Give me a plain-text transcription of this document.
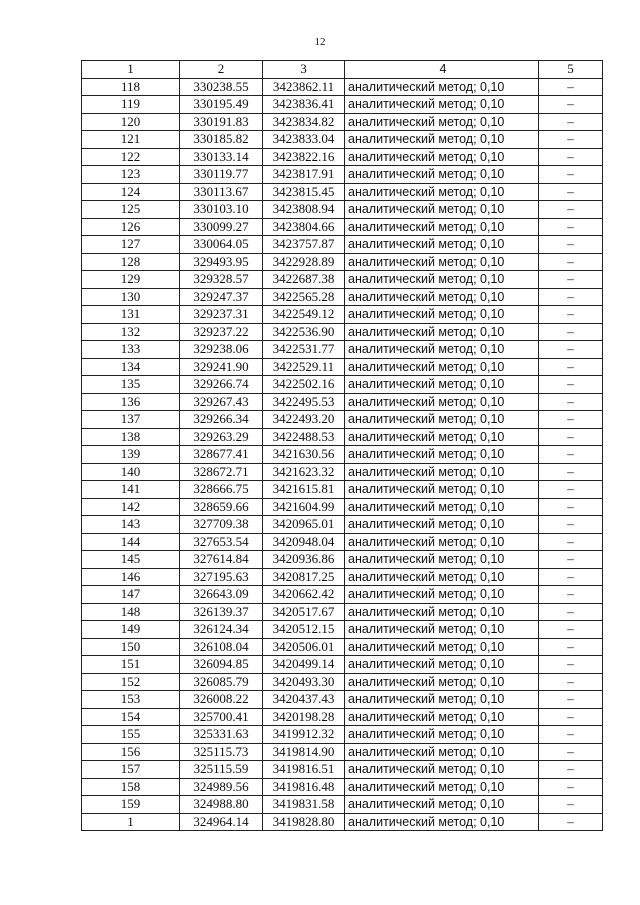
12
1	2	3	4	5
118	330238.55	3423862.11	аналитический метод; 0,10	–
119	330195.49	3423836.41	аналитический метод; 0,10	–
120	330191.83	3423834.82	аналитический метод; 0,10	–
121	330185.82	3423833.04	аналитический метод; 0,10	–
122	330133.14	3423822.16	аналитический метод; 0,10	–
123	330119.77	3423817.91	аналитический метод; 0,10	–
124	330113.67	3423815.45	аналитический метод; 0,10	–
125	330103.10	3423808.94	аналитический метод; 0,10	–
126	330099.27	3423804.66	аналитический метод; 0,10	–
127	330064.05	3423757.87	аналитический метод; 0,10	–
128	329493.95	3422928.89	аналитический метод; 0,10	–
129	329328.57	3422687.38	аналитический метод; 0,10	–
130	329247.37	3422565.28	аналитический метод; 0,10	–
131	329237.31	3422549.12	аналитический метод; 0,10	–
132	329237.22	3422536.90	аналитический метод; 0,10	–
133	329238.06	3422531.77	аналитический метод; 0,10	–
134	329241.90	3422529.11	аналитический метод; 0,10	–
135	329266.74	3422502.16	аналитический метод; 0,10	–
136	329267.43	3422495.53	аналитический метод; 0,10	–
137	329266.34	3422493.20	аналитический метод; 0,10	–
138	329263.29	3422488.53	аналитический метод; 0,10	–
139	328677.41	3421630.56	аналитический метод; 0,10	–
140	328672.71	3421623.32	аналитический метод; 0,10	–
141	328666.75	3421615.81	аналитический метод; 0,10	–
142	328659.66	3421604.99	аналитический метод; 0,10	–
143	327709.38	3420965.01	аналитический метод; 0,10	–
144	327653.54	3420948.04	аналитический метод; 0,10	–
145	327614.84	3420936.86	аналитический метод; 0,10	–
146	327195.63	3420817.25	аналитический метод; 0,10	–
147	326643.09	3420662.42	аналитический метод; 0,10	–
148	326139.37	3420517.67	аналитический метод; 0,10	–
149	326124.34	3420512.15	аналитический метод; 0,10	–
150	326108.04	3420506.01	аналитический метод; 0,10	–
151	326094.85	3420499.14	аналитический метод; 0,10	–
152	326085.79	3420493.30	аналитический метод; 0,10	–
153	326008.22	3420437.43	аналитический метод; 0,10	–
154	325700.41	3420198.28	аналитический метод; 0,10	–
155	325331.63	3419912.32	аналитический метод; 0,10	–
156	325115.73	3419814.90	аналитический метод; 0,10	–
157	325115.59	3419816.51	аналитический метод; 0,10	–
158	324989.56	3419816.48	аналитический метод; 0,10	–
159	324988.80	3419831.58	аналитический метод; 0,10	–
1	324964.14	3419828.80	аналитический метод; 0,10	–
